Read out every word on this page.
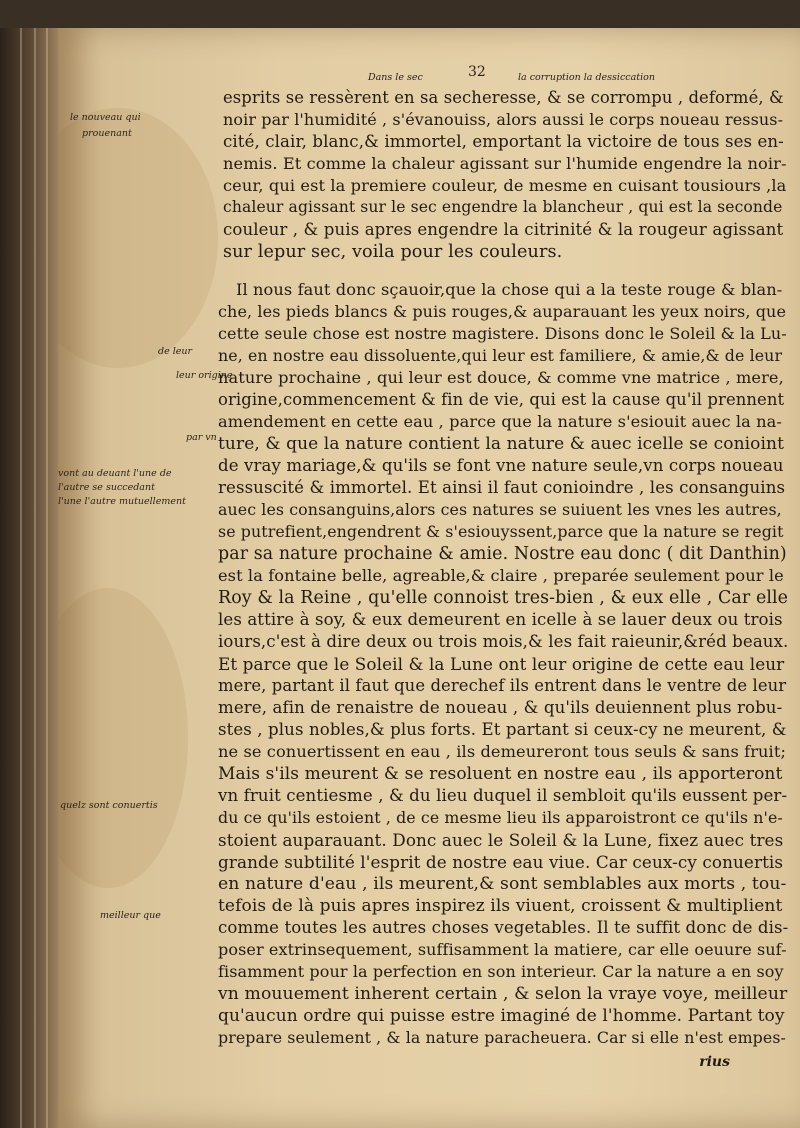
32
Dans le sec	la corruption la dessiccation
le nouveau qui
prouenant
de leur
leur origine
par vn
vont au deuant l'une de
l'autre se succedant
l'une l'autre mutuellement
quelz sont conuertis
meilleur que
esprits se ressèrent en sa secheresse, & se corrompu , deformé, &
noir par l'humidité , s'évanouiss, alors aussi le corps noueau ressus-
cité, clair, blanc,& immortel, emportant la victoire de tous ses en-
nemis. Et comme la chaleur agissant sur l'humide engendre la noir-
ceur, qui est la premiere couleur, de mesme en cuisant tousiours ,la
chaleur agissant sur le sec engendre la blancheur , qui est la seconde
couleur , & puis apres engendre la citrinité & la rougeur agissant
sur lepur sec, voila pour les couleurs.
Il nous faut donc sçauoir,que la chose qui a la teste rouge & blan-
che, les pieds blancs & puis rouges,& auparauant les yeux noirs, que
cette seule chose est nostre magistere. Disons donc le Soleil & la Lu-
ne, en nostre eau dissoluente,qui leur est familiere, & amie,& de leur
nature prochaine , qui leur est douce, & comme vne matrice , mere,
origine,commencement & fin de vie, qui est la cause qu'il prennent
amendement en cette eau , parce que la nature s'esiouit auec la na-
ture, & que la nature contient la nature & auec icelle se conioint
de vray mariage,& qu'ils se font vne nature seule,vn corps noueau
ressuscité & immortel. Et ainsi il faut conioindre , les consanguins
auec les consanguins,alors ces natures se suiuent les vnes les autres,
se putrefient,engendrent & s'esiouyssent,parce que la nature se regit
par sa nature prochaine & amie. Nostre eau donc ( dit Danthin)
est la fontaine belle, agreable,& claire , preparée seulement pour le
Roy & la Reine , qu'elle connoist tres-bien , & eux elle , Car elle
les attire à soy, & eux demeurent en icelle à se lauer deux ou trois
iours,c'est à dire deux ou trois mois,& les fait raieunir,&réd beaux.
Et parce que le Soleil & la Lune ont leur origine de cette eau leur
mere, partant il faut que derechef ils entrent dans le ventre de leur
mere, afin de renaistre de noueau , & qu'ils deuiennent plus robu-
stes , plus nobles,& plus forts. Et partant si ceux-cy ne meurent, &
ne se conuertissent en eau , ils demeureront tous seuls & sans fruit;
Mais s'ils meurent & se resoluent en nostre eau , ils apporteront
vn fruit centiesme , & du lieu duquel il sembloit qu'ils eussent per-
du ce qu'ils estoient , de ce mesme lieu ils apparoistront ce qu'ils n'e-
stoient auparauant. Donc auec le Soleil & la Lune, fixez auec tres
grande subtilité l'esprit de nostre eau viue. Car ceux-cy conuertis
en nature d'eau , ils meurent,& sont semblables aux morts , tou-
tefois de là puis apres inspirez ils viuent, croissent & multiplient
comme toutes les autres choses vegetables. Il te suffit donc de dis-
poser extrinsequement, suffisamment la matiere, car elle oeuure suf-
fisamment pour la perfection en son interieur. Car la nature a en soy
vn mouuement inherent certain , & selon la vraye voye, meilleur
qu'aucun ordre qui puisse estre imaginé de l'homme. Partant toy
prepare seulement , & la nature paracheuera. Car si elle n'est empes-
rius
